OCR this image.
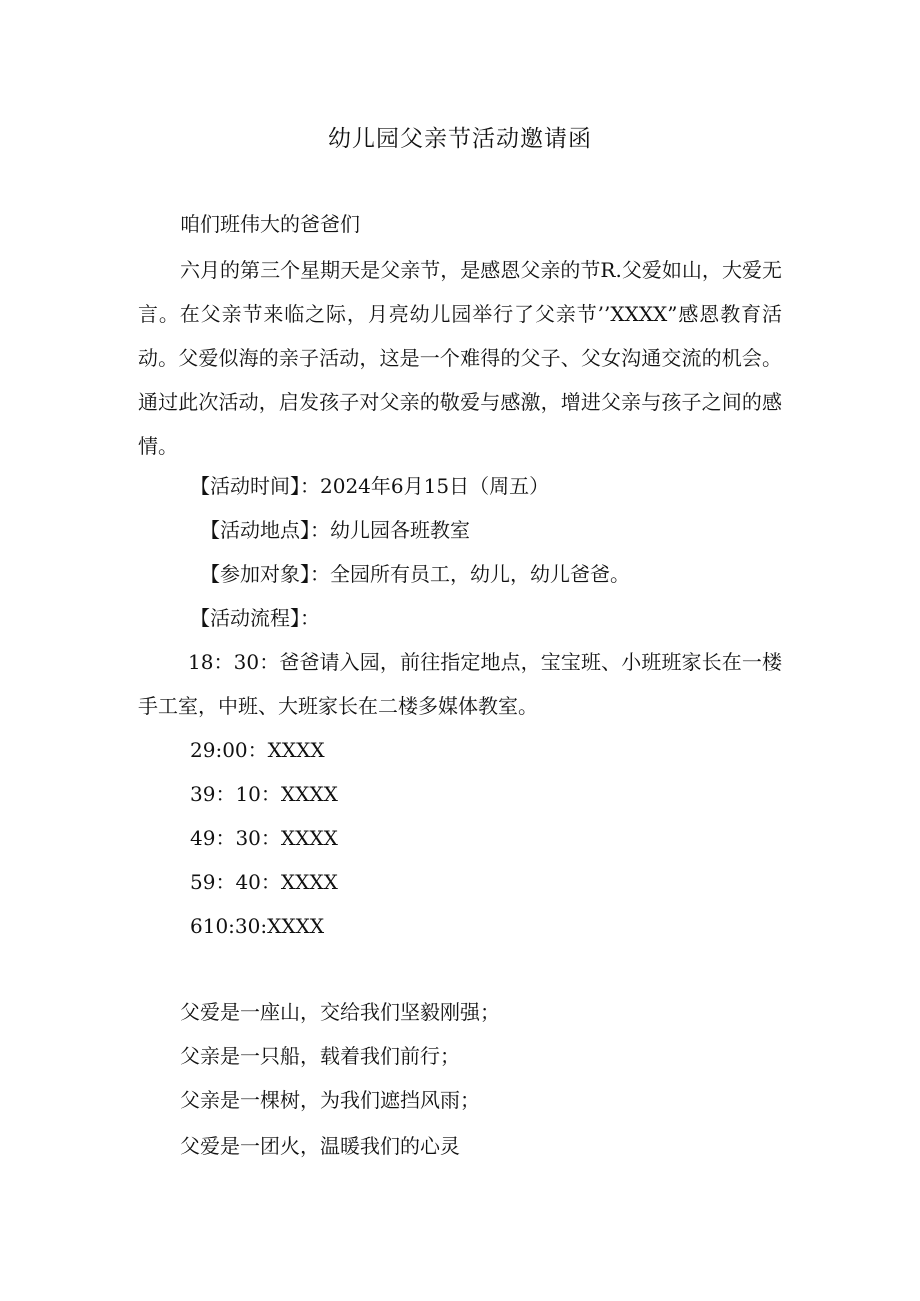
幼儿园父亲节活动邀请函
咱们班伟大的爸爸们

六月的第三个星期天是父亲节，是感恩父亲的节R.父爱如山，大爱无言。在父亲节来临之际，月亮幼儿园举行了父亲节’’XXXX”感恩教育活动。父爱似海的亲子活动，这是一个难得的父子、父女沟通交流的机会。通过此次活动，启发孩子对父亲的敬爱与感激，增进父亲与孩子之间的感情。

【活动时间】：2024年6月15日（周五）
【活动地点】：幼儿园各班教室
【参加对象】：全园所有员工，幼儿，幼儿爸爸。
【活动流程】：

18：30：爸爸请入园，前往指定地点，宝宝班、小班班家长在一楼手工室，中班、大班家长在二楼多媒体教室。

29:00：XXXX
39：10：XXXX
49：30：XXXX
59：40：XXXX
610:30:XXXX
父爱是一座山，交给我们坚毅刚强；
父亲是一只船，载着我们前行；
父亲是一棵树，为我们遮挡风雨；
父爱是一团火，温暖我们的心灵
